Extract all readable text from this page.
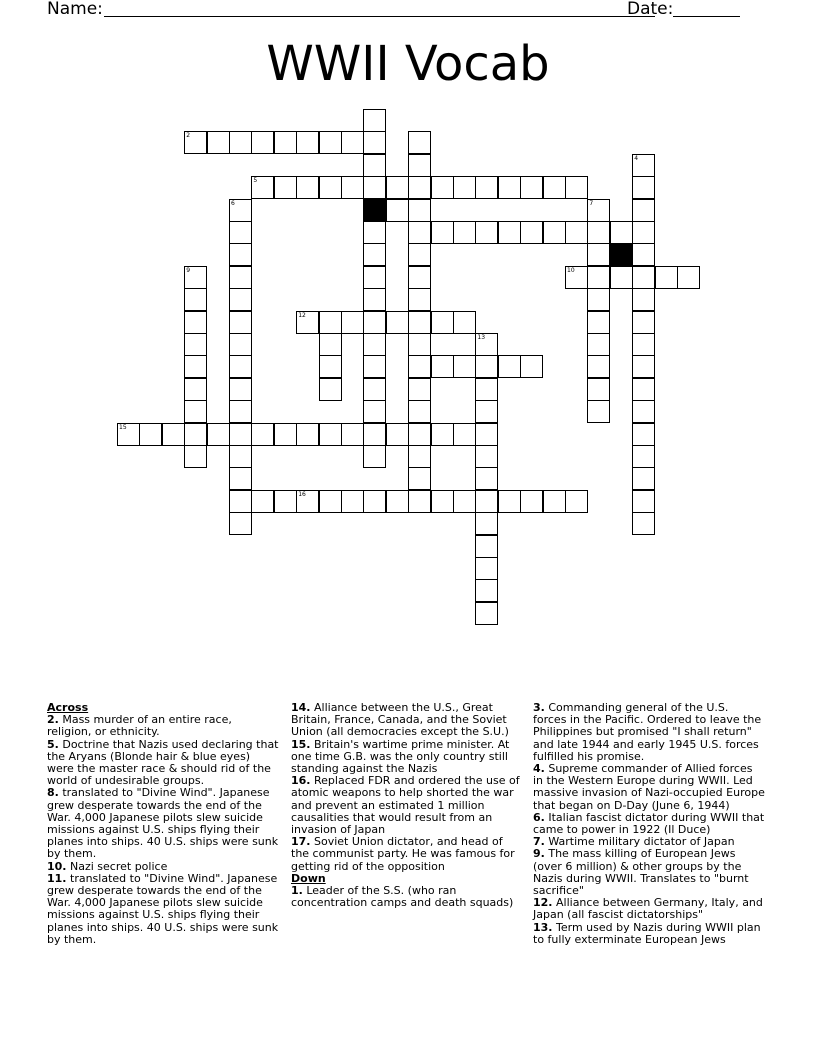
Name:	Date:
WWII Vocab
15
2
9
6
5
12
16
13
10
7
4
Across
2. Mass murder of an entire race, religion, or ethnicity.
5. Doctrine that Nazis used declaring that the Aryans (Blonde hair & blue eyes) were the master race & should rid of the world of undesirable groups.
8. translated to "Divine Wind". Japanese grew desperate towards the end of the War. 4,000 Japanese pilots slew suicide missions against U.S. ships flying their planes into ships. 40 U.S. ships were sunk by them.
10. Nazi secret police
11. translated to "Divine Wind". Japanese grew desperate towards the end of the War. 4,000 Japanese pilots slew suicide missions against U.S. ships flying their planes into ships. 40 U.S. ships were sunk by them.
14. Alliance between the U.S., Great Britain, France, Canada, and the Soviet Union (all democracies except the S.U.)
15. Britain's wartime prime minister. At one time G.B. was the only country still standing against the Nazis
16. Replaced FDR and ordered the use of atomic weapons to help shorted the war and prevent an estimated 1 million causalities that would result from an invasion of Japan
17. Soviet Union dictator, and head of the communist party. He was famous for getting rid of the opposition
Down
1. Leader of the S.S. (who ran concentration camps and death squads)
3. Commanding general of the U.S. forces in the Pacific. Ordered to leave the Philippines but promised "I shall return" and late 1944 and early 1945 U.S. forces fulfilled his promise.
4. Supreme commander of Allied forces in the Western Europe during WWII. Led massive invasion of Nazi-occupied Europe that began on D-Day (June 6, 1944)
6. Italian fascist dictator during WWII that came to power in 1922 (Il Duce)
7. Wartime military dictator of Japan
9. The mass killing of European Jews (over 6 million) & other groups by the Nazis during WWII. Translates to "burnt sacrifice"
12. Alliance between Germany, Italy, and Japan (all fascist dictatorships"
13. Term used by Nazis during WWII plan to fully exterminate European Jews
